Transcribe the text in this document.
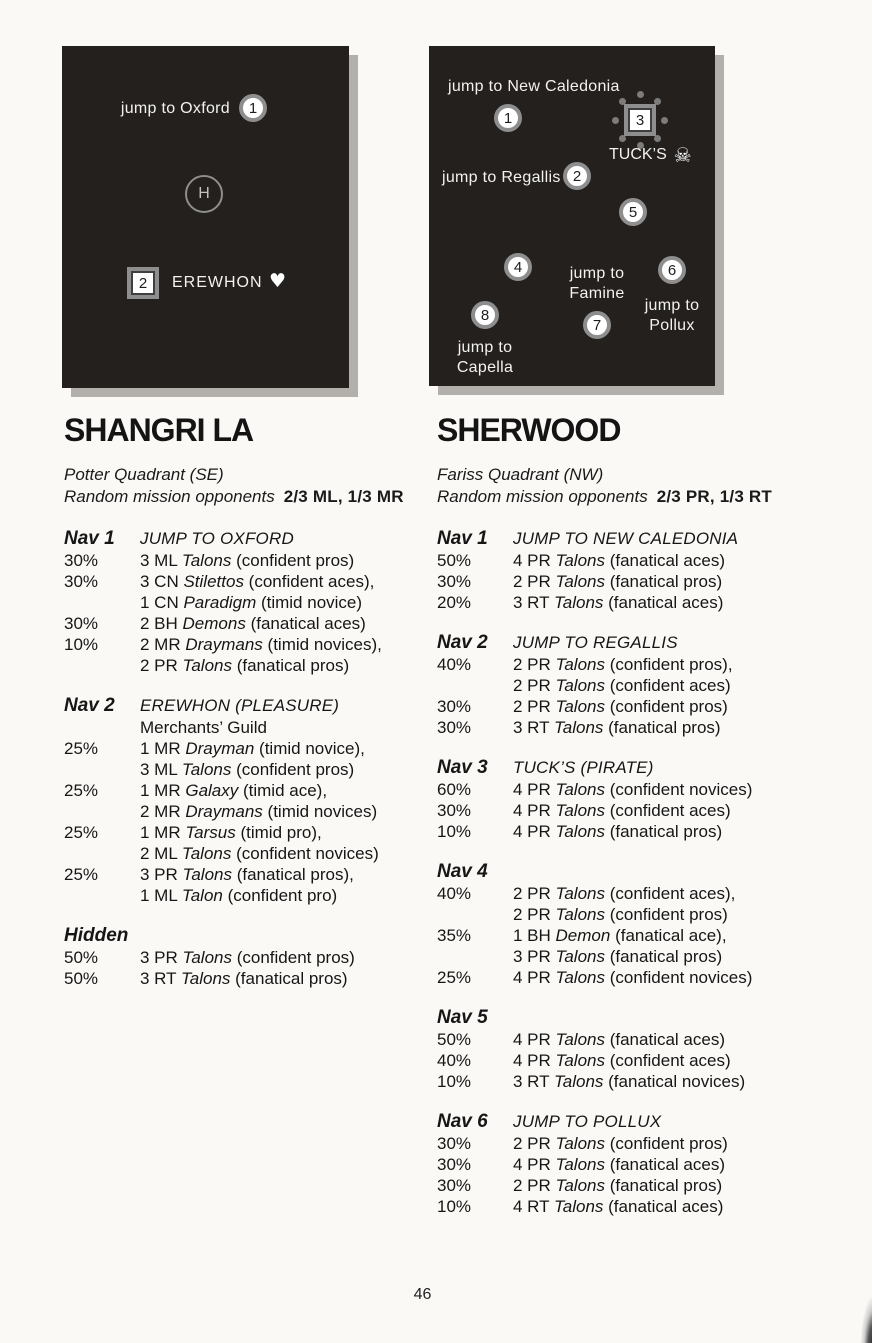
jump to Oxford 1
H
2 EREWHON ♥
jump to New Caledonia
1	3
TUCK’S ☠
jump to Regallis 2
5
4	jump to
Famine
6
jump to
Pollux
7
8
jump to
Capella
SHANGRI LA
Potter Quadrant (SE)
Random mission opponents 2/3 ML, 1/3 MR
Nav 1	JUMP TO OXFORD
30%	3 ML Talons (confident pros)
30%	3 CN Stilettos (confident aces),
1 CN Paradigm (timid novice)
30%	2 BH Demons (fanatical aces)
10%	2 MR Draymans (timid novices),
2 PR Talons (fanatical pros)
Nav 2	EREWHON (PLEASURE)
Merchants’ Guild
25%	1 MR Drayman (timid novice),
3 ML Talons (confident pros)
25%	1 MR Galaxy (timid ace),
2 MR Draymans (timid novices)
25%	1 MR Tarsus (timid pro),
2 ML Talons (confident novices)
25%	3 PR Talons (fanatical pros),
1 ML Talon (confident pro)
Hidden
50%	3 PR Talons (confident pros)
50%	3 RT Talons (fanatical pros)
SHERWOOD
Fariss Quadrant (NW)
Random mission opponents 2/3 PR, 1/3 RT
Nav 1	JUMP TO NEW CALEDONIA
50%	4 PR Talons (fanatical aces)
30%	2 PR Talons (fanatical pros)
20%	3 RT Talons (fanatical aces)
Nav 2	JUMP TO REGALLIS
40%	2 PR Talons (confident pros),
2 PR Talons (confident aces)
30%	2 PR Talons (confident pros)
30%	3 RT Talons (fanatical pros)
Nav 3	TUCK’S (PIRATE)
60%	4 PR Talons (confident novices)
30%	4 PR Talons (confident aces)
10%	4 PR Talons (fanatical pros)
Nav 4
40%	2 PR Talons (confident aces),
2 PR Talons (confident pros)
35%	1 BH Demon (fanatical ace),
3 PR Talons (fanatical pros)
25%	4 PR Talons (confident novices)
Nav 5
50%	4 PR Talons (fanatical aces)
40%	4 PR Talons (confident aces)
10%	3 RT Talons (fanatical novices)
Nav 6	JUMP TO POLLUX
30%	2 PR Talons (confident pros)
30%	4 PR Talons (fanatical aces)
30%	2 PR Talons (fanatical pros)
10%	4 RT Talons (fanatical aces)
46
